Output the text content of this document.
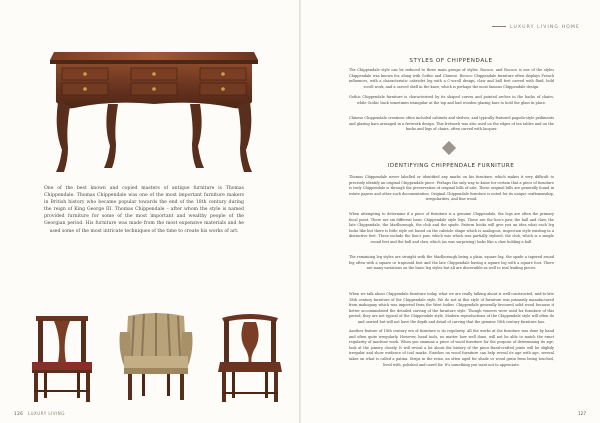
One of the best known and copied masters of antique furniture is Thomas Chippendale. Thomas Chippendale was one of the most important furniture makers in British history who became popular towards the end of the 18th century during the reign of King George III. Thomas Chippendale – after whom the style is named provided furniture for some of the most important and wealthy people of the Georgian period. His furniture was made from the most expensive materials and he used some of the most intricate techniques of the time to create his works of art.
126 LUXURY LIVING
LUXURY LIVING HOME
STYLES OF CHIPPENDALE

The Chippendale style can be reduced to three main groups of styles: Rococo, and Rococo is one of the styles Chippendale was known for, along with Gothic and Chinese. Rococo Chippendale furniture often displays French influences, with a characteristic cabriolet leg with a C-scroll design, claw and ball feet carved with fluid, bold scroll work, and a carved shell in the knee, which is perhaps the most famous Chippendale design.

Gothic Chippendale furniture is characterised by its shaped curves and pointed arches in the backs of chairs, while Gothic back sometimes triangular at the top and had wooden glazing bars to hold the glass in place.

Chinese Chippendale creations often included cabinets and shelves, and typically featured pagoda-style pediments and glazing bars arranged in a fretwork design. This fretwork was also used on the edges of tea tables and on the backs and legs of chairs, often carved with lacquer.

IDENTIFYING CHIPPENDALE FURNITURE

Thomas Chippendale never labelled or identified any marks on his furniture, which makes it very difficult to precisely identify an original Chippendale piece. Perhaps the only way to know for certain that a piece of furniture is truly Chippendale is through the preservation of original bills of sale. These original bills are generally found in estate papers and other such documentation. Original Chippendale furniture is noted for its unique craftsmanship, irregularities, and fine wood.

When attempting to determine if a piece of furniture is a genuine Chippendale, the legs are often the primary focal point. There are six different basic Chippendale style legs. These are the lion's paw, the ball and claw, the late Chippendale, the Marlborough, the club and the spade. Pattern books will give you an idea what each leg looks like but there is little style set based on the cabriole shape which is analogous, inspection style existing in a distinctive feet. These include the lion's paw, which was which was partially stylised, the club, which is a simple round feet and the ball and claw, which (as was surprising) looks like a claw holding a ball.

The remaining leg styles are straight with the Marlborough being a plain, square leg, the spade a tapered round leg often with a square or trapezoid foot and the late Chippendale having a square leg with a square foot. There are many variations on the basic leg styles but all are discernible as well to real leading pieces.

When we talk about Chippendale furniture today, what we are really talking about is well-constructed, mid-to-late 18th century furniture of the Chippendale style. We do not at this style of furniture was primarily manufactured from mahogany which was imported from the West Indies. Chippendale generally favoured solid wood because it better accommodated the detailed carving of the furniture style. Though veneers were used for furniture of this period, they are not typical of the Chippendale style. Modern reproductions of the Chippendale style will often do and carried but will not have the depth and detail of carving that the genuine 18th century furniture has.

Another feature of 18th century era of furniture is its regularity. All the works at the furniture was done by hand and often quite irregularly. However, hand tools, no matter how well done, will not be able to match the exact regularity of machine work. When you examine a piece of wood furniture for the purpose of determining its age, look at the joinery closely. It will reveal a lot about the history of the piece.Hand-crafted joints will be slightly irregular and show evidence of tool marks. Finishes on wood furniture can help reveal its age with age, several takes on what is called a patina. Strips in the resin, an often aged for shade or wood grain from being touched, lived with, polished and cared for. It's something you want not to appreciate.

127
